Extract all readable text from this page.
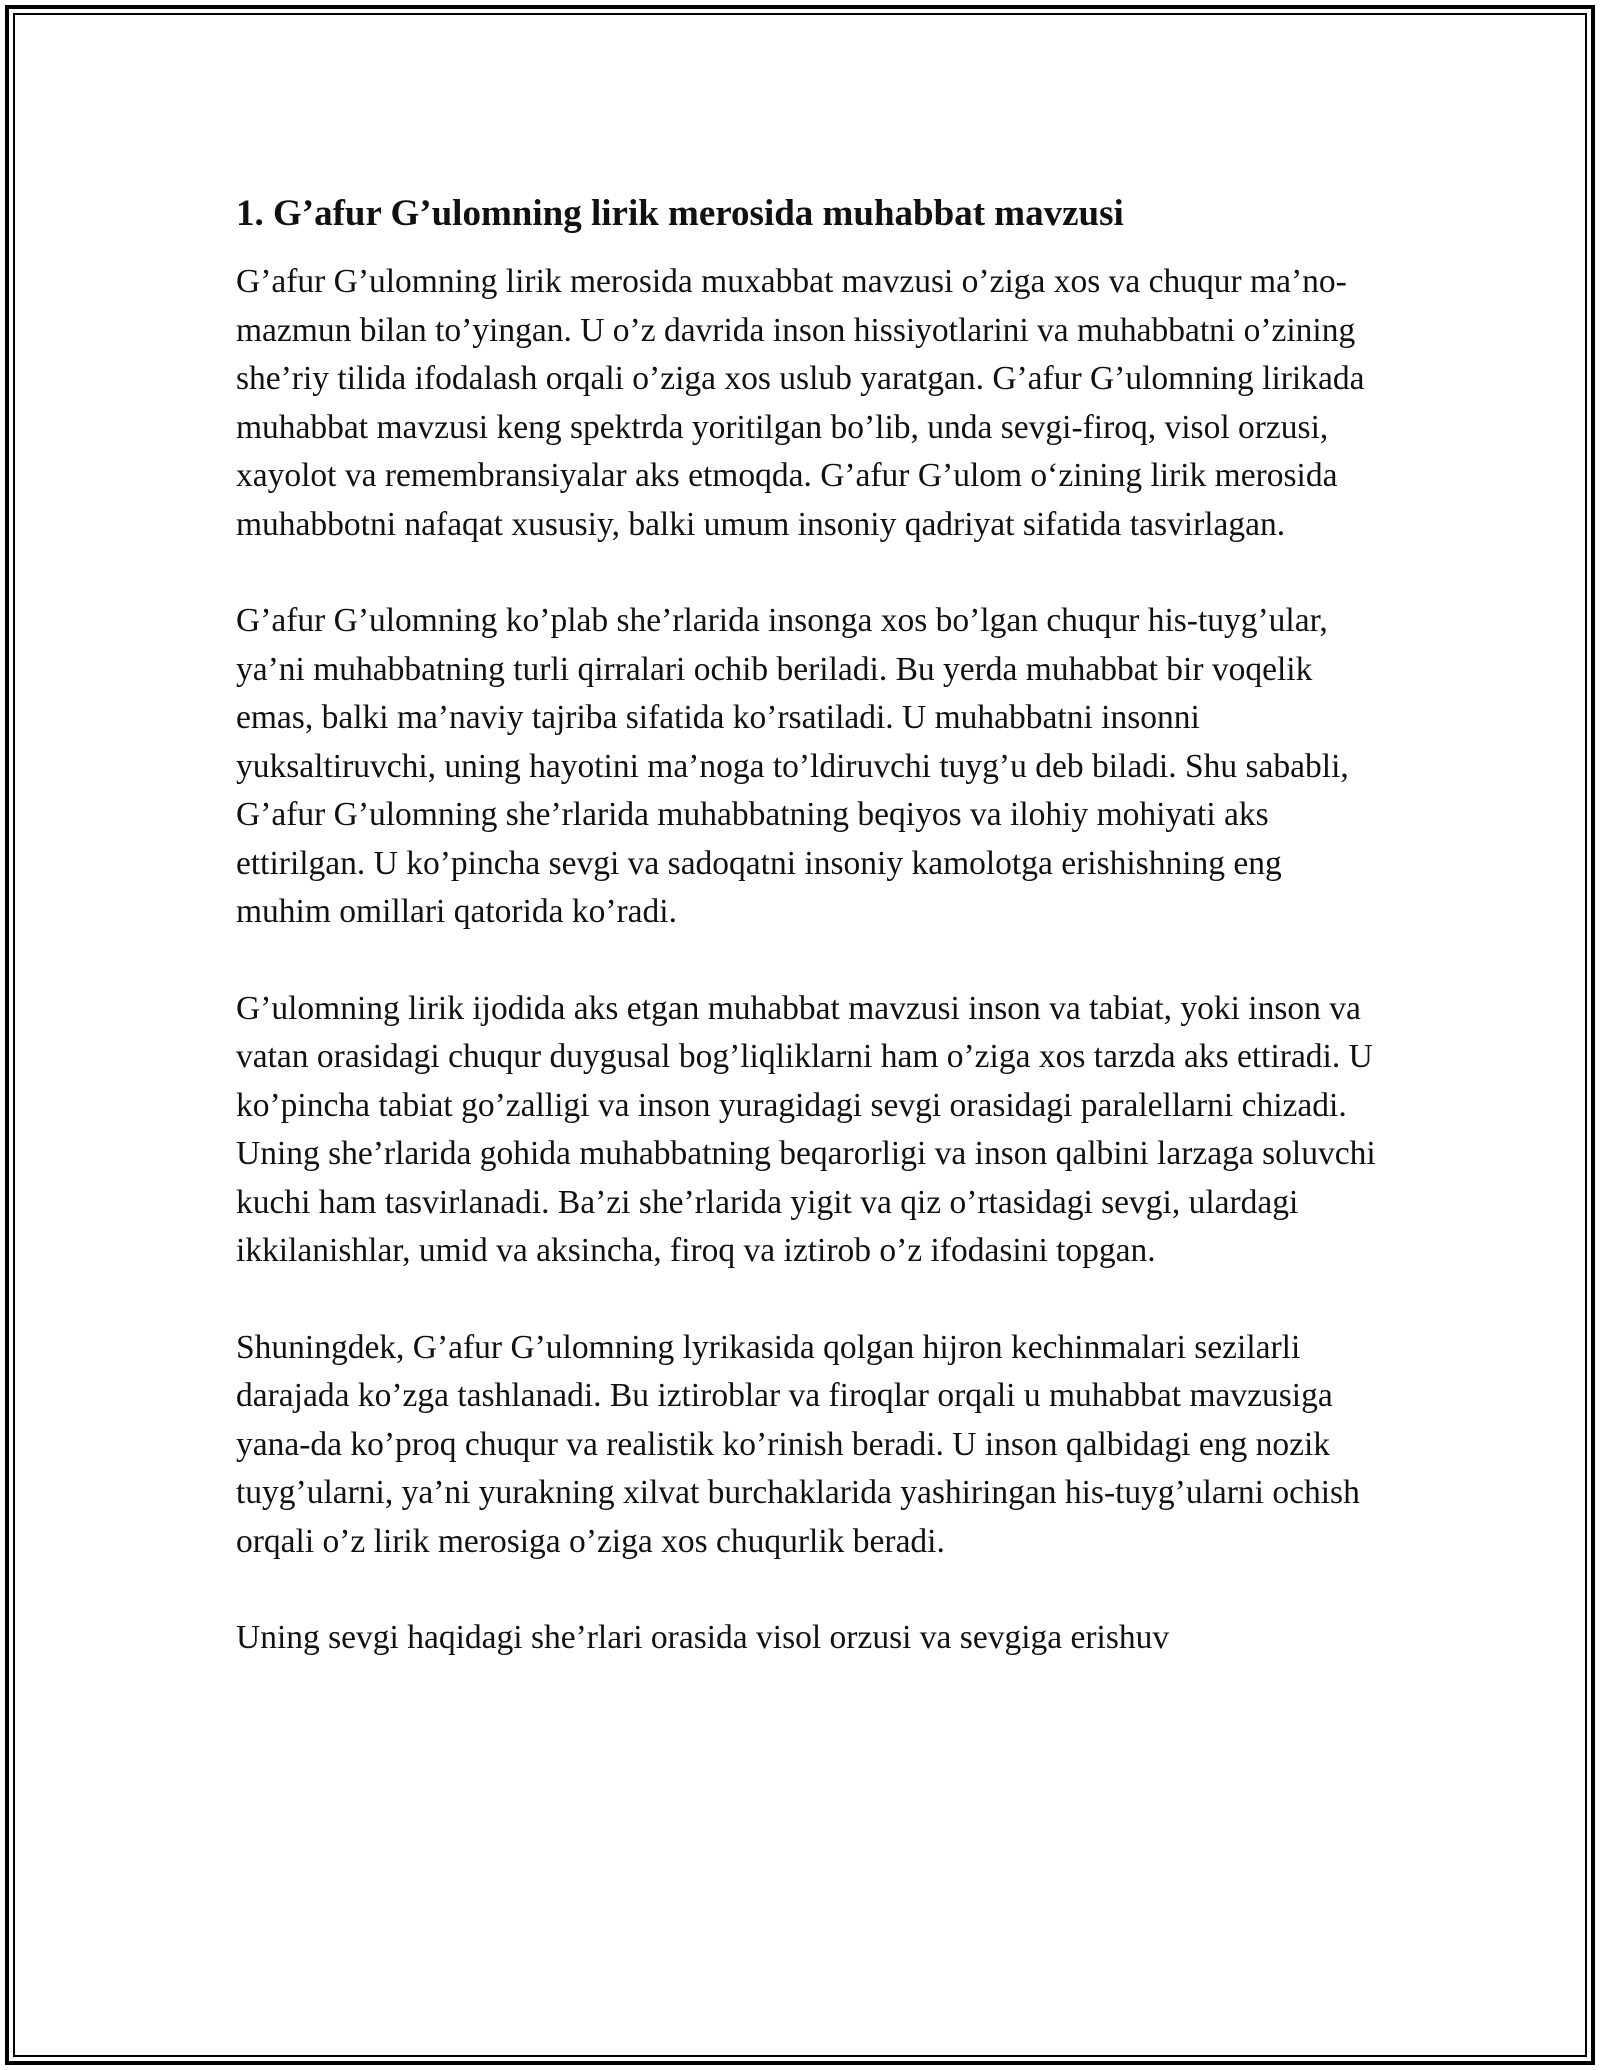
1. G’afur G’ulomning lirik merosida muhabbat mavzusi

G’afur G’ulomning lirik merosida muxabbat mavzusi o’ziga xos va chuqur ma’no-mazmun bilan to’yingan. U o’z davrida inson hissiyotlarini va muhabbatni o’zining she’riy tilida ifodalash orqali o’ziga xos uslub yaratgan. G’afur G’ulomning lirikada muhabbat mavzusi keng spektrda yoritilgan bo’lib, unda sevgi-firoq, visol orzusi, xayolot va remembransiyalar aks etmoqda. G’afur G’ulom o‘zining lirik merosida muhabbotni nafaqat xususiy, balki umum insoniy qadriyat sifatida tasvirlagan.

G’afur G’ulomning ko’plab she’rlarida insonga xos bo’lgan chuqur his-tuyg’ular, ya’ni muhabbatning turli qirralari ochib beriladi. Bu yerda muhabbat bir voqelik emas, balki ma’naviy tajriba sifatida ko’rsatiladi. U muhabbatni insonni yuksaltiruvchi, uning hayotini ma’noga to’ldiruvchi tuyg’u deb biladi. Shu sababli, G’afur G’ulomning she’rlarida muhabbatning beqiyos va ilohiy mohiyati aks ettirilgan. U ko’pincha sevgi va sadoqatni insoniy kamolotga erishishning eng muhim omillari qatorida ko’radi.

G’ulomning lirik ijodida aks etgan muhabbat mavzusi inson va tabiat, yoki inson va vatan orasidagi chuqur duygusal bog’liqliklarni ham o’ziga xos tarzda aks ettiradi. U ko’pincha tabiat go’zalligi va inson yuragidagi sevgi orasidagi paralellarni chizadi. Uning she’rlarida gohida muhabbatning beqarorligi va inson qalbini larzaga soluvchi kuchi ham tasvirlanadi. Ba’zi she’rlarida yigit va qiz o’rtasidagi sevgi, ulardagi ikkilanishlar, umid va aksincha, firoq va iztirob o’z ifodasini topgan.

Shuningdek, G’afur G’ulomning lyrikasida qolgan hijron kechinmalari sezilarli darajada ko’zga tashlanadi. Bu iztiroblar va firoqlar orqali u muhabbat mavzusiga yana-da ko’proq chuqur va realistik ko’rinish beradi. U inson qalbidagi eng nozik tuyg’ularni, ya’ni yurakning xilvat burchaklarida yashiringan his-tuyg’ularni ochish orqali o’z lirik merosiga o’ziga xos chuqurlik beradi.

Uning sevgi haqidagi she’rlari orasida visol orzusi va sevgiga erishuv
